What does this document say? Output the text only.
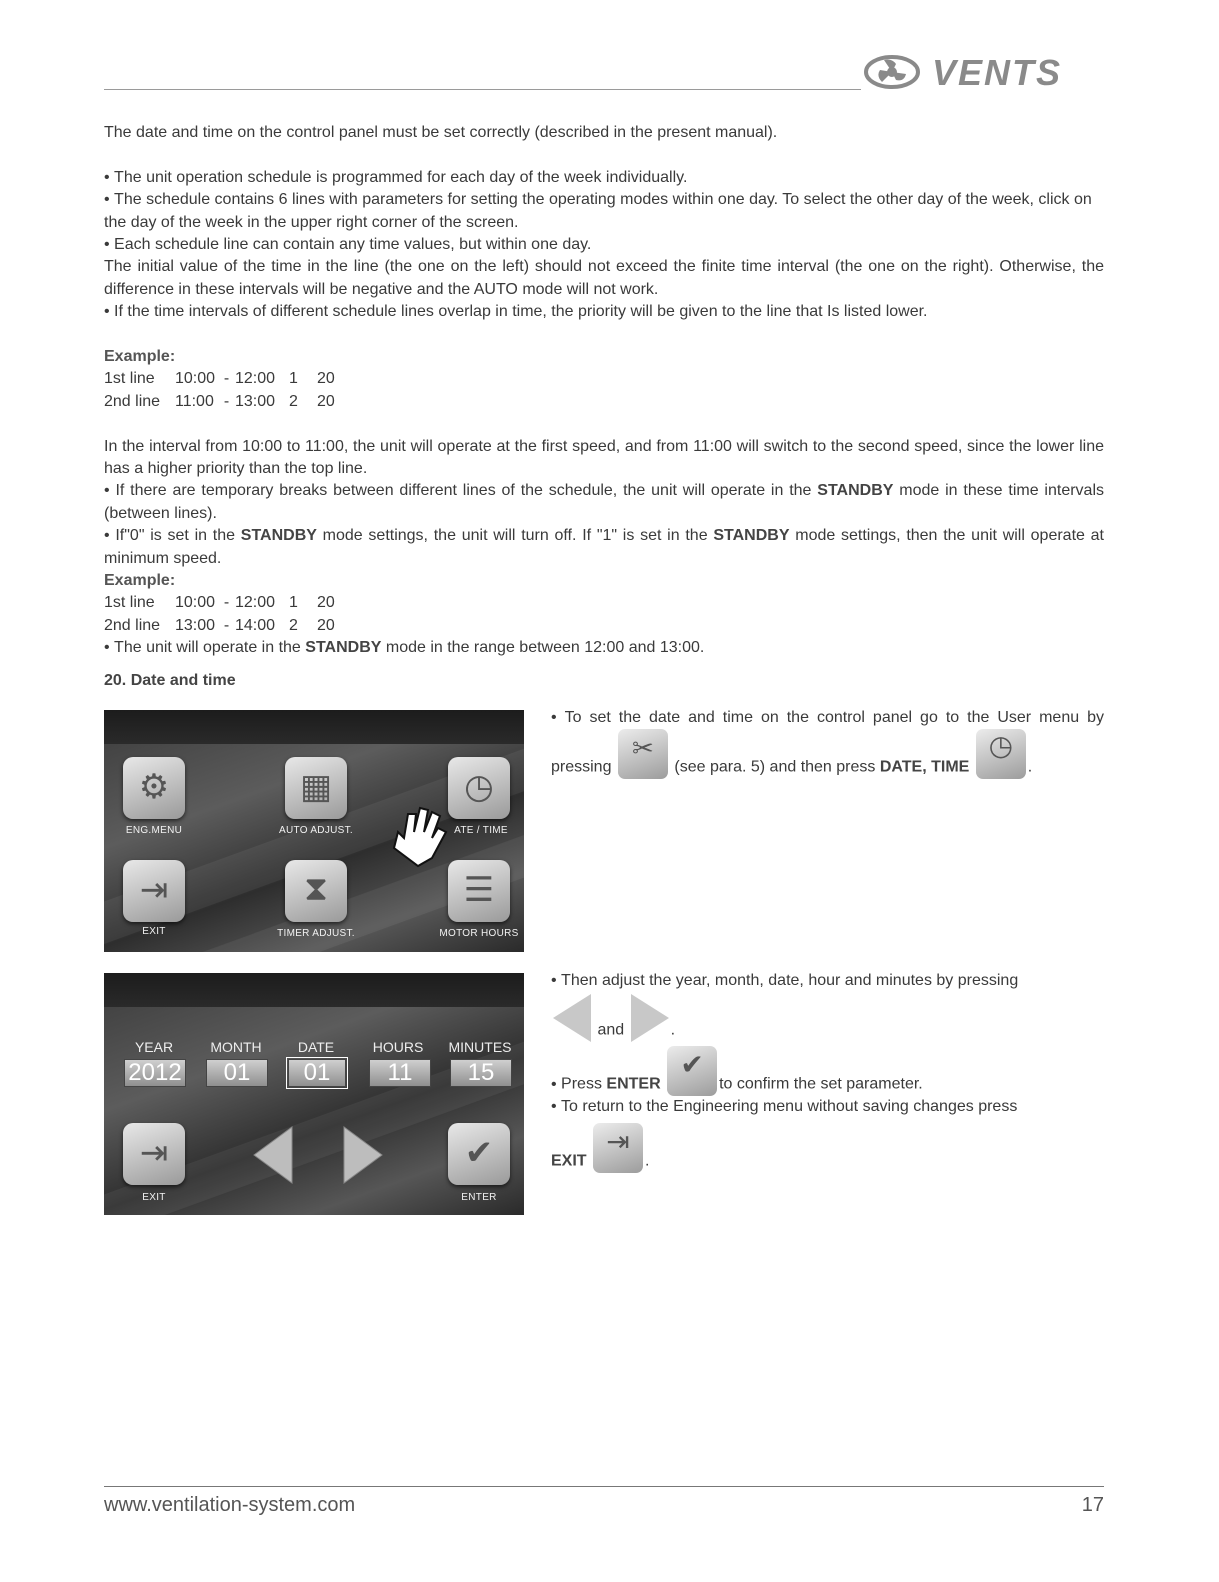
VENTS

The date and time on the control panel must be set correctly (described in the present manual).

• The unit operation schedule is programmed for each day of the week individually.

• The schedule contains 6 lines with parameters for setting the operating modes within one day. To select the other day of the week, click on the day of the week in the upper right corner of the screen.

• Each schedule line can contain any time values, but within one day.

The initial value of the time in the line (the one on the left) should not exceed the finite time interval (the one on the right). Otherwise, the difference in these intervals will be negative and the AUTO mode will not work.

• If the time intervals of different schedule lines overlap in time, the priority will be given to the line that Is listed lower.

Example:

1st line	10:00 - 12:00 1	20
2nd line 11:00 - 13:00 2	20

In the interval from 10:00 to 11:00, the unit will operate at the first speed, and from 11:00 will switch to the second speed, since the lower line has a higher priority than the top line.

• If there are temporary breaks between different lines of the schedule, the unit will operate in the STANDBY mode in these time intervals (between lines).

• If"0" is set in the STANDBY mode settings, the unit will turn off. If "1" is set in the STANDBY mode settings, then the unit will operate at minimum speed.

Example:

1st line	10:00 - 12:00 1	20
2nd line 13:00 - 14:00 2	20

• The unit will operate in the STANDBY mode in the range between 12:00 and 13:00.

20. Date and time
⚙
ENG.MENU
▦
AUTO ADJUST.
◷
ATE / TIME
⇥
EXIT
⧗
TIMER ADJUST.
☰
MOTOR HOURS
YEAR	MONTH	DATE	HOURS	MINUTES
2012	01	01	11	15
⇥
EXIT
✔
ENTER
• To set the date and time on the control panel go to the User menu by pressing
✂
(see para. 5) and then press DATE, TIME
◷
.

• Then adjust the year, month, date, hour and minutes by pressing

and	.

• Press ENTER
✔
to confirm the set parameter.

• To return to the Engineering menu without saving changes press

EXIT
⇥
.

www.ventilation-system.com	17
